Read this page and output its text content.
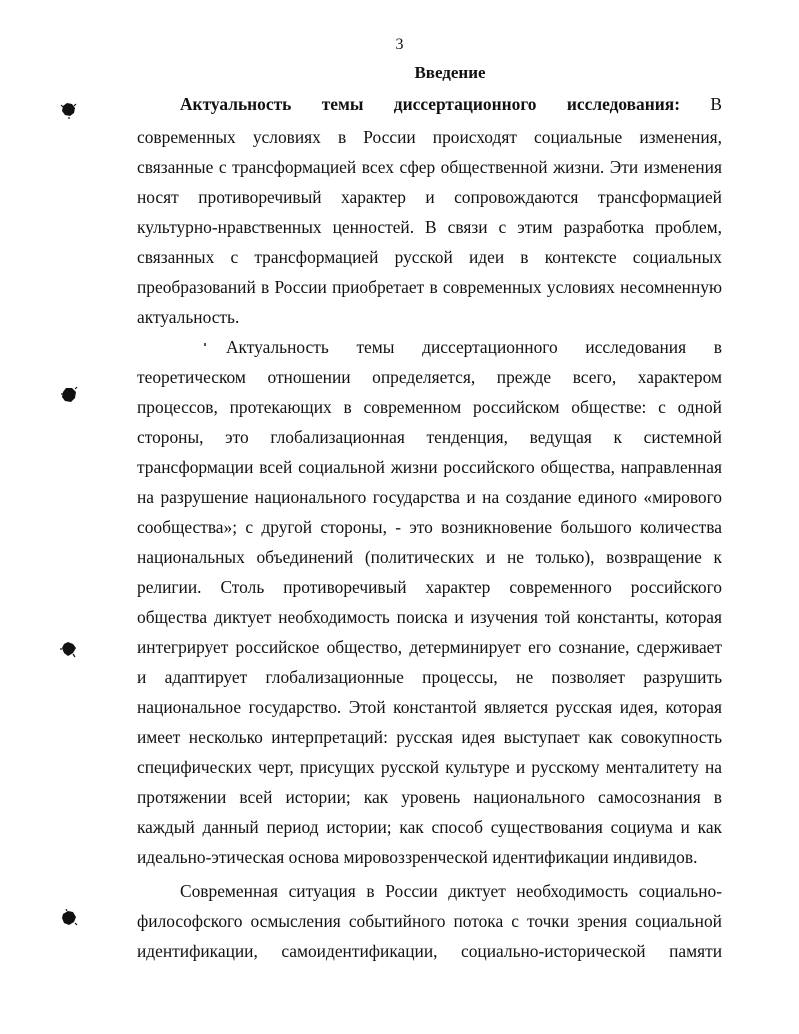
3
Введение
Актуальность темы диссертационного исследования: В
современных условиях в России происходят социальные изменения,
связанные с трансформацией всех сфер общественной жизни. Эти изменения
носят противоречивый характер и сопровождаются трансформацией
культурно-нравственных ценностей. В связи с этим разработка проблем,
связанных с трансформацией русской идеи в контексте социальных
преобразований в России приобретает в современных условиях несомненную
актуальность.
Актуальность темы диссертационного исследования в
теоретическом отношении определяется, прежде всего, характером
процессов, протекающих в современном российском обществе: с одной
стороны, это глобализационная тенденция, ведущая к системной
трансформации всей социальной жизни российского общества, направленная
на разрушение национального государства и на создание единого «мирового
сообщества»; с другой стороны, - это возникновение большого количества
национальных объединений (политических и не только), возвращение к
религии. Столь противоречивый характер современного российского
общества диктует необходимость поиска и изучения той константы, которая
интегрирует российское общество, детерминирует его сознание, сдерживает
и адаптирует глобализационные процессы, не позволяет разрушить
национальное государство. Этой константой является русская идея, которая
имеет несколько интерпретаций: русская идея выступает как совокупность
специфических черт, присущих русской культуре и русскому менталитету на
протяжении всей истории; как уровень национального самосознания в
каждый данный период истории; как способ существования социума и как
идеально-этическая основа мировоззренческой идентификации индивидов.
Современная ситуация в России диктует необходимость социально-
философского осмысления событийного потока с точки зрения социальной
идентификации, самоидентификации, социально-исторической памяти
